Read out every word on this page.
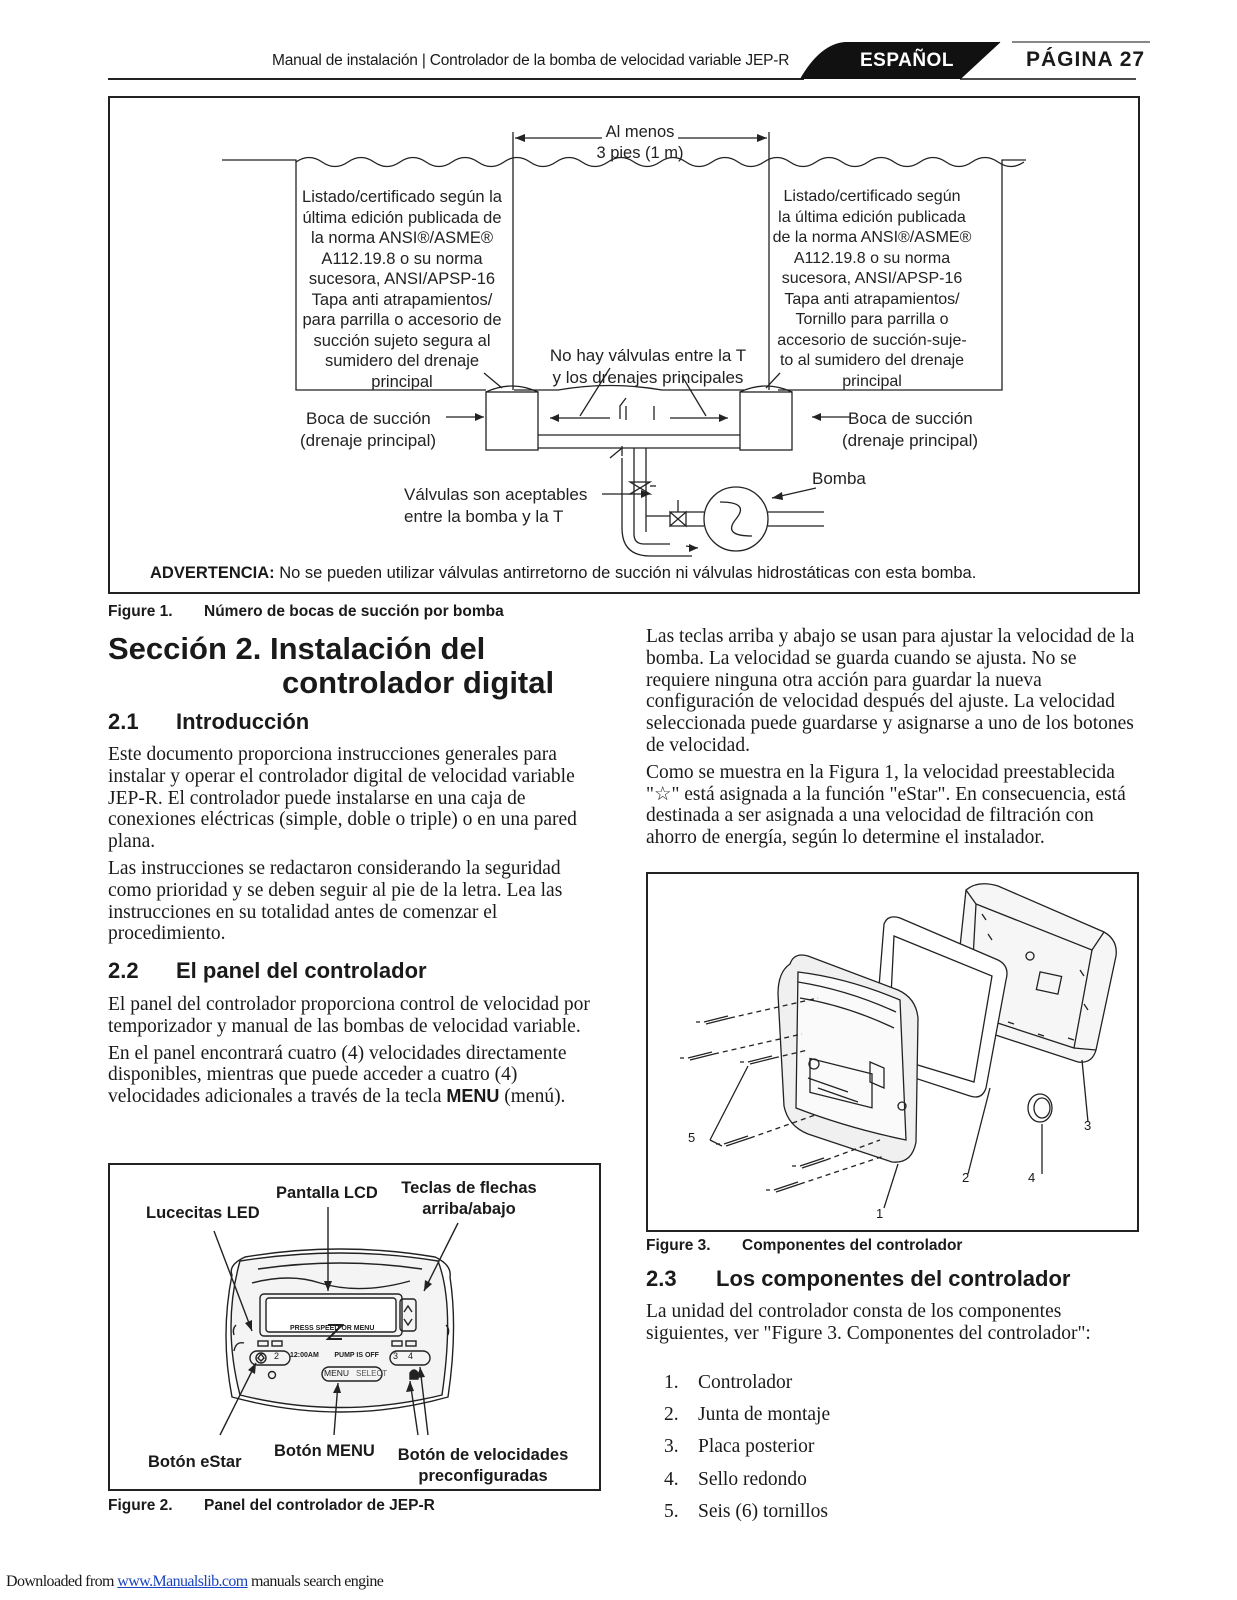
Manual de instalación | Controlador de la bomba de velocidad variable JEP-R	ESPAÑOL	PÁGINA 27
Al menos
3 pies (1 m)
Listado/certificado según la
última edición publicada de
la norma ANSI®/ASME®
A112.19.8 o su norma
sucesora, ANSI/APSP-16
Tapa anti atrapamientos/
para parrilla o accesorio de
succión sujeto segura al
sumidero del drenaje
principal
Listado/certificado según
la última edición publicada
de la norma ANSI®/ASME®
A112.19.8 o su norma
sucesora, ANSI/APSP-16
Tapa anti atrapamientos/
Tornillo para parrilla o
accesorio de succión-suje-
to al sumidero del drenaje
principal
No hay válvulas entre la T
y los drenajes principales
Boca de succión
(drenaje principal)
Boca de succión
(drenaje principal)
Bomba
Válvulas son aceptables
entre la bomba y la T
ADVERTENCIA: No se pueden utilizar válvulas antirretorno de succión ni válvulas hidrostáticas con esta bomba.
Figure 1. Número de bocas de succión por bomba
Sección 2. Instalación del
controlador digital
2.1 Introducción

Este documento proporciona instrucciones generales para instalar y operar el controlador digital de velocidad variable JEP-R. El controlador puede instalarse en una caja de conexiones eléctricas (simple, doble o triple) o en una pared plana.

Las instrucciones se redactaron considerando la seguridad como prioridad y se deben seguir al pie de la letra. Lea las instrucciones en su totalidad antes de comenzar el procedimiento.

2.2 El panel del controlador

El panel del controlador proporciona control de velocidad por temporizador y manual de las bombas de velocidad variable.

En el panel encontrará cuatro (4) velocidades directamente disponibles, mientras que puede acceder a cuatro (4) velocidades adicionales a través de la tecla MENU (menú).

PRESS SPEED OR MENU

12:00AM        PUMP IS OFF

2	3 4
MENU SELECT
Pantalla LCD	Teclas de flechas
arriba/abajo
Lucecitas LED
Botón eStar
Botón MENU	Botón de velocidades
preconfiguradas
Figure 2. Panel del controlador de JEP-R

Las teclas arriba y abajo se usan para ajustar la velocidad de la bomba. La velocidad se guarda cuando se ajusta. No se requiere ninguna otra acción para guardar la nueva configuración de velocidad después del ajuste. La velocidad seleccionada puede guardarse y asignarse a uno de los botones de velocidad.

Como se muestra en la Figura 1, la velocidad preestablecida "☆" está asignada a la función "eStar". En consecuencia, está destinada a ser asignada a una velocidad de filtración con ahorro de energía, según lo determine el instalador.

1
2
3
4
5
Figure 3. Componentes del controlador
2.3 Los componentes del controlador

La unidad del controlador consta de los componentes siguientes, ver "Figure 3. Componentes del controlador":

1. Controlador
2. Junta de montaje
3. Placa posterior
4. Sello redondo
5. Seis (6) tornillos
Downloaded from www.Manualslib.com manuals search engine
